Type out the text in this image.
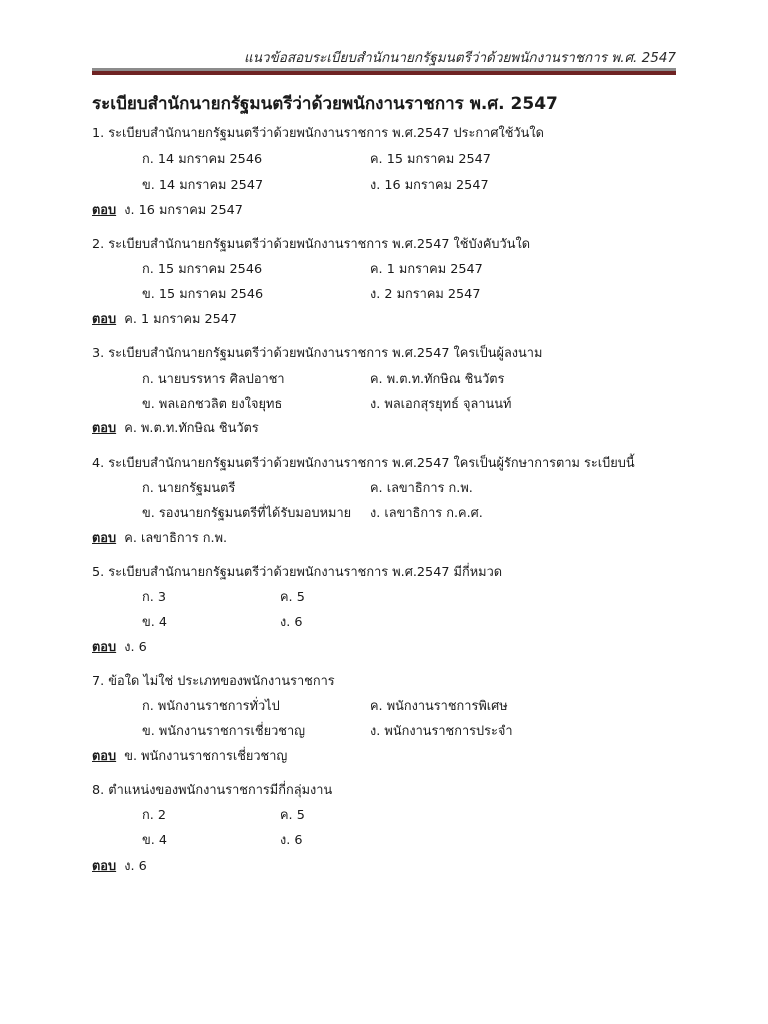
แนวข้อสอบระเบียบสำนักนายกรัฐมนตรีว่าด้วยพนักงานราชการ พ.ศ. 2547
ระเบียบสำนักนายกรัฐมนตรีว่าด้วยพนักงานราชการ พ.ศ. 2547
1. ระเบียบสำนักนายกรัฐมนตรีว่าด้วยพนักงานราชการ พ.ศ.2547 ประกาศใช้วันใด
ก. 14 มกราคม 2546	ค. 15 มกราคม 2547
ข. 14 มกราคม 2547	ง. 16 มกราคม 2547
ตอบ ง. 16 มกราคม 2547
2. ระเบียบสำนักนายกรัฐมนตรีว่าด้วยพนักงานราชการ พ.ศ.2547 ใช้บังคับวันใด
ก. 15 มกราคม 2546	ค. 1 มกราคม 2547
ข. 15 มกราคม 2546	ง. 2 มกราคม 2547
ตอบ ค. 1 มกราคม 2547
3. ระเบียบสำนักนายกรัฐมนตรีว่าด้วยพนักงานราชการ พ.ศ.2547 ใครเป็นผู้ลงนาม
ก. นายบรรหาร ศิลปอาชา	ค. พ.ต.ท.ทักษิณ ชินวัตร
ข. พลเอกชวลิต ยงใจยุทธ	ง. พลเอกสุรยุทธ์ จุลานนท์
ตอบ ค. พ.ต.ท.ทักษิณ ชินวัตร
4. ระเบียบสำนักนายกรัฐมนตรีว่าด้วยพนักงานราชการ พ.ศ.2547 ใครเป็นผู้รักษาการตาม ระเบียบนี้
ก. นายกรัฐมนตรี	ค. เลขาธิการ ก.พ.
ข. รองนายกรัฐมนตรีที่ได้รับมอบหมาย ง. เลขาธิการ ก.ค.ศ.
ตอบ ค. เลขาธิการ ก.พ.
5. ระเบียบสำนักนายกรัฐมนตรีว่าด้วยพนักงานราชการ พ.ศ.2547 มีกี่หมวด
ก. 3	ค. 5
ข. 4	ง. 6
ตอบ ง. 6
7. ข้อใด ไม่ใช่ ประเภทของพนักงานราชการ
ก. พนักงานราชการทั่วไป	ค. พนักงานราชการพิเศษ
ข. พนักงานราชการเชี่ยวชาญ	ง. พนักงานราชการประจำ
ตอบ ข. พนักงานราชการเชี่ยวชาญ
8. ตำแหน่งของพนักงานราชการมีกี่กลุ่มงาน
ก. 2	ค. 5
ข. 4	ง. 6
ตอบ ง. 6
